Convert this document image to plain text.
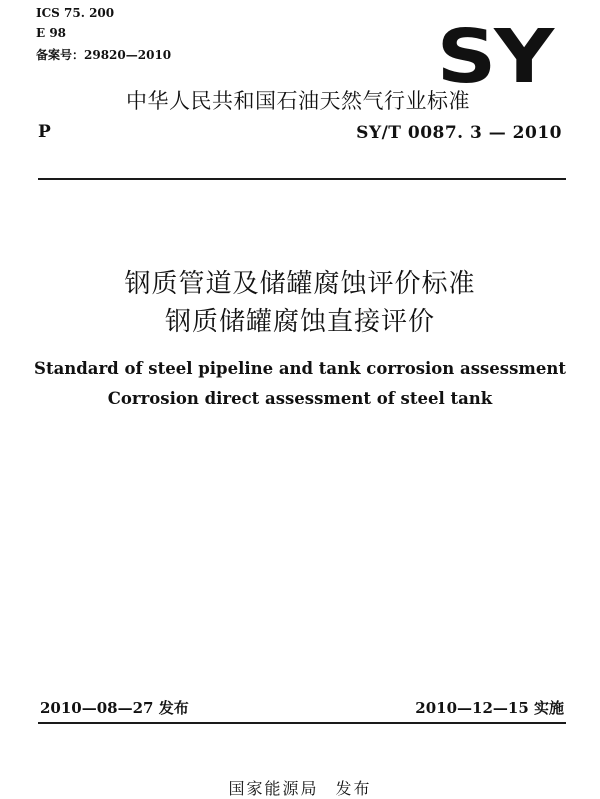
ICS 75. 200
E 98
备案号：29820—2010	SY
中华人民共和国石油天然气行业标准
P	SY/T 0087. 3 — 2010
钢质管道及储罐腐蚀评价标准
钢质储罐腐蚀直接评价
Standard of steel pipeline and tank corrosion assessment
Corrosion direct assessment of steel tank
2010—08—27 发布	2010—12—15 实施
国家能源局 发布
